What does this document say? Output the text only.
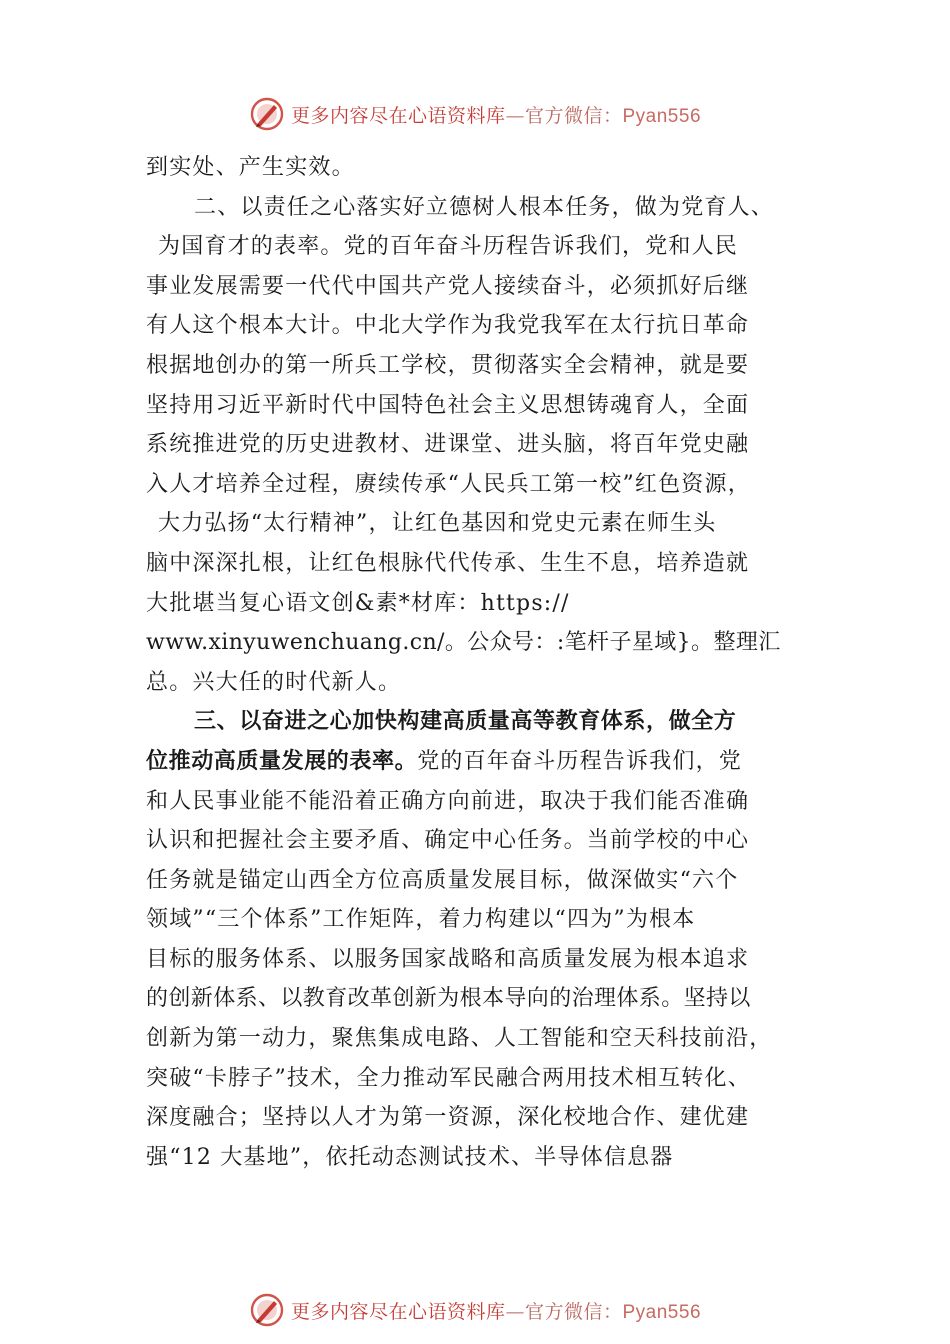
更多内容尽在心语资料库—官方微信：Pyan556
到实处、产生实效。
二、以责任之心落实好立德树人根本任务，做为党育人、
为国育才的表率。党的百年奋斗历程告诉我们，党和人民
事业发展需要一代代中国共产党人接续奋斗，必须抓好后继
有人这个根本大计。中北大学作为我党我军在太行抗日革命
根据地创办的第一所兵工学校，贯彻落实全会精神，就是要
坚持用习近平新时代中国特色社会主义思想铸魂育人，全面
系统推进党的历史进教材、进课堂、进头脑，将百年党史融
入人才培养全过程，赓续传承“人民兵工第一校”红色资源，
大力弘扬“太行精神”，让红色基因和党史元素在师生头
脑中深深扎根，让红色根脉代代传承、生生不息，培养造就
大批堪当复心语文创&素*材库：https://
www.xinyuwenchuang.cn/。公众号：:笔杆子星域}。整理汇
总。兴大任的时代新人。
三、以奋进之心加快构建高质量高等教育体系，做全方
位推动高质量发展的表率。党的百年奋斗历程告诉我们，党
和人民事业能不能沿着正确方向前进，取决于我们能否准确
认识和把握社会主要矛盾、确定中心任务。当前学校的中心
任务就是锚定山西全方位高质量发展目标，做深做实“六个
领域”“三个体系”工作矩阵，着力构建以“四为”为根本
目标的服务体系、以服务国家战略和高质量发展为根本追求
的创新体系、以教育改革创新为根本导向的治理体系。坚持以
创新为第一动力，聚焦集成电路、人工智能和空天科技前沿，
突破“卡脖子”技术，全力推动军民融合两用技术相互转化、
深度融合；坚持以人才为第一资源，深化校地合作、建优建
强“12 大基地”，依托动态测试技术、半导体信息器
更多内容尽在心语资料库—官方微信：Pyan556
